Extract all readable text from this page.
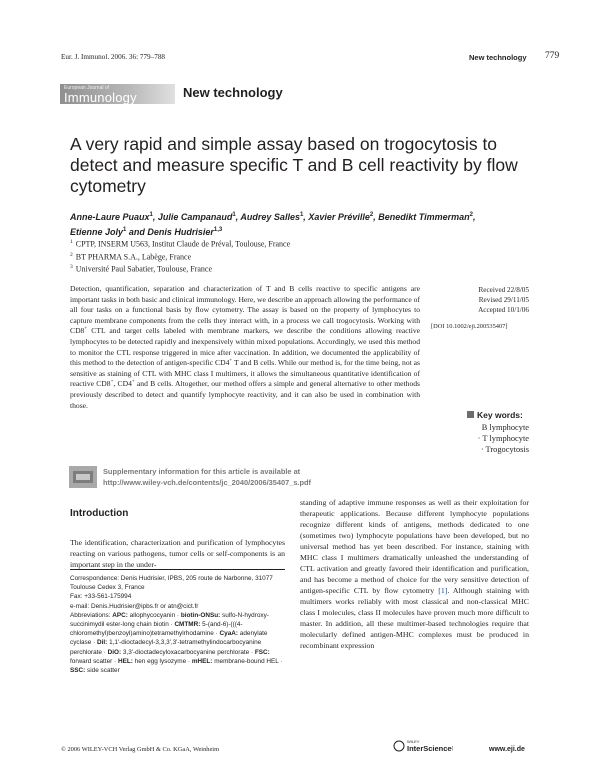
Eur. J. Immunol. 2006. 36: 779–788	New technology 779
European Journal of
Immunology	New technology
A very rapid and simple assay based on trogocytosis to detect and measure specific T and B cell reactivity by flow cytometry
Anne-Laure Puaux$^1$, Julie Campanaud$^1$, Audrey Salles$^1$, Xavier Préville$^2$, Benedikt Timmerman$^2$, Etienne Joly$^1$ and Denis Hudrisier$^{1,3}$
$^1$ CPTP, INSERM U563, Institut Claude de Préval, Toulouse, France
$^2$ BT PHARMA S.A., Labège, France
$^3$ Université Paul Sabatier, Toulouse, France
Detection, quantification, separation and characterization of T and B cells reactive to specific antigens are important tasks in both basic and clinical immunology. Here, we describe an approach allowing the performance of all four tasks on a functional basis by flow cytometry. The assay is based on the property of lymphocytes to capture membrane components from the cells they interact with, in a process we call trogocytosis. Working with CD8+ CTL and target cells labeled with membrane markers, we describe the conditions allowing reactive lymphocytes to be detected rapidly and inexpensively within mixed populations. Accordingly, we used this method to monitor the CTL response triggered in mice after vaccination. In addition, we documented the applicability of this method to the detection of antigen-specific CD4+ T and B cells. While our method is, for the time being, not as sensitive as staining of CTL with MHC class I multimers, it allows the simultaneous quantitative identification of reactive CD8+, CD4+ and B cells. Altogether, our method offers a simple and general alternative to other methods previously described to detect and quantify lymphocyte reactivity, and it can also be used in combination with those.
Received 22/8/05
Revised 29/11/05
Accepted 10/1/06
[DOI 10.1002/eji.200535407]
Key words:
B lymphocyte
· T lymphocyte
· Trogocytosis
Supplementary information for this article is available at
http://www.wiley-vch.de/contents/jc_2040/2006/35407_s.pdf
Introduction
The identification, characterization and purification of lymphocytes reacting on various pathogens, tumor cells or self-components is an important step in the under-
Correspondence: Denis Hudrisier, IPBS, 205 route de Narbonne, 31077 Toulouse Cedex 3, France
Fax: +33-561-175994
e-mail: Denis.Hudrisier@ipbs.fr or atn@cict.fr
Abbreviations: APC: allophycocyanin · biotin-ONSu: sulfo-N-hydroxy-succinimydil ester-long chain biotin · CMTMR: 5-(and-6)-(((4-chloromethyl)benzoyl)amino)tetramethylrhodamine · CyaA: adenylate cyclase · DiI: 1,1'-dioctadecyl-3,3,3',3'-tetramethylindocarbocyanine perchlorate · DiO: 3,3'-dioctadecyloxacarbocyanine perchlorate · FSC: forward scatter · HEL: hen egg lysozyme · mHEL: membrane-bound HEL · SSC: side scatter
standing of adaptive immune responses as well as their exploitation for therapeutic applications. Because different lymphocyte populations recognize different kinds of antigens, methods dedicated to one (sometimes two) lymphocyte populations have been developed, but no universal method has yet been described. For instance, staining with MHC class I multimers dramatically unleashed the understanding of CTL activation and greatly favored their identification and purification, and has become a method of choice for the very sensitive detection of antigen-specific CTL by flow cytometry [1]. Although staining with multimers works reliably with most classical and non-classical MHC class I molecules, class II molecules have proven much more difficult to master. In addition, all these multimer-based technologies require that molecularly defined antigen-MHC complexes must be produced in recombinant expression
© 2006 WILEY-VCH Verlag GmbH & Co. KGaA, Weinheim
WILEY
InterScience®	www.eji.de
